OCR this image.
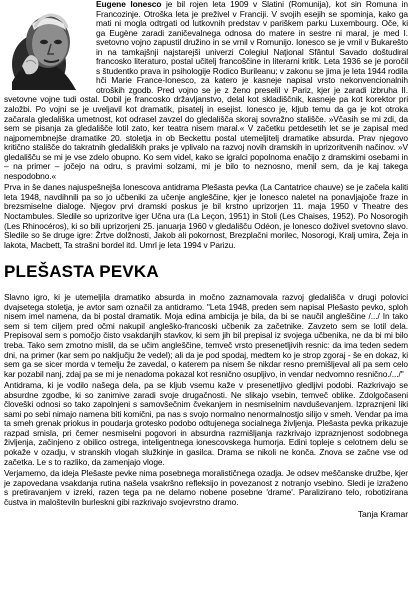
Eugene Ionesco je bil rojen leta 1909 v Slatini (Romunija), kot sin Romuna in Francozinje. Otroška leta je preživel v Franciji. V svojih esejih se spominja, kako ga mati ni mogla odtrgati od lutkovnih predstav v pariškem parku Luxembourg. Oče, ki ga Eugène zaradi zaničevalnega odnosa do matere in sestre ni maral, je med I. svetovno vojno zapustil družino in se vrnil v Romunijo. Ionesco se je vrnil v Bukarešto in na tamkajšnji najstarejši univerzi Colegiul Naţional Sfântul Savado doštudiral francosko literaturo, postal učitelj francoščine in literarni kritik. Leta 1936 se je poročil s študentko prava in psihologije Rodico Burileanu; v zakonu se jima je leta 1944 rodila hči Marie France-Ionesco, za katero je kasneje napisal vrsto nekonvencionalnih otroških zgodb. Pred vojno se je z ženo preselil v Pariz, kjer je zaradi izbruha II. svetovne vojne tudi ostal. Dobil je francosko državljanstvo, delal kot skladiščnik, kasneje pa kot korektor pri založbi. Po vojni se je uveljavil kot dramatik, pisatelj in esejist. Ionesco je, kljub temu da ga je kot otroka začarala gledališka umetnost, kot odrasel zavzel do gledališča skoraj sovražno stališče. »Včasih se mi zdi, da sem se pisanja za gledališče lotil zato, ker teatra nisem maral.« V začetku petdesetih let se je zapisal med najpomembnejše dramatike 20. stoletja in ob Beckettu postal utemeljitelj dramatike absurda. Prav njegovo kritično stališče do takratnih gledaliških praks je vplivalo na razvoj novih dramskih in uprizoritvenih načinov. »V gledališču se mi je vse zdelo obupno. Ko sem videl, kako se igralci popolnoma enačijo z dramskimi osebami in – na primer – jočejo na odru, s pravimi solzami, mi je bilo to neznosno, menil sem, da je kaj takega nespodobno.«

Prva in še danes najuspešnejša Ionescova antidrama Plešasta pevka (La Cantatrice chauve) se je začela kaliti leta 1948, navdihnili pa so jo učbeniki za učenje angleščine, kjer je Ionesco naletel na ponavljajoče fraze in brezsmiselne dialoge. Njegov prvi dramski poskus je bil krstno uprizorjen 11. maja 1950 v Theatre des Noctambules. Sledile so uprizoritve iger Učna ura (La Leçon, 1951) in Stoli (Les Chaises, 1952). Po Nosorogih (Les Rhinocéros), ki so bili uprizorjeni 25. januarja 1960 v gledališču Odéon, je Ionesco doživel svetovno slavo. Sledile so še druge igre: Žrtve dolžnosti, Jakob ali pokornost, Brezplačni morilec, Nosorogi, Kralj umira, Žeja in lakota, Macbett, Ta strašni bordel itd. Umrl je leta 1994 v Parizu.

PLEŠASTA PEVKA

Slavno igro, ki je utemeljila dramatiko absurda in močno zaznamovala razvoj gledališča v drugi polovici dvajsetega stoletja, je avtor sam označil za antidramo. "Leta 1948, preden sem napisal Plešasto pevko, sploh nisem imel namena, da bi postal dramatik. Moja edina ambicija je bila, da bi se naučil angleščine /.../ In tako sem si tem ciljem pred očmi nakupil angleško-francoski učbenik za začetnike. Zavzeto sem se lotil dela. Prepisoval sem s pomočjo čisto vsakdanjih stavkov, ki sem jih bil prepisal iz svojega učbenika, ne da bi mi bilo treba. Tako sem zmotno mislil, da se učim angleščine, temveč vrsto presenetljivih resnic: da ima teden sedem dni, na primer (kar sem po naključju že vedel); ali da je pod spodaj, medtem ko je strop zgoraj - še en dokaz, ki sem ga se sicer morda v temelju že zavedal, o katerem pa nisem še nikdar resno premišljeval ali pa sem celo kar pozabil nanj, zdaj pa se mi je nenadoma pokazal kot resnično osupljivo, in vendar nedvomno resnično./.../"

Antidrama, ki je vodilo našega dela, pa se kljub vsemu kaže v presenetljivo gledljivi podobi. Razkrivajo se absurdne zgodbe, ki so zanimive zaradi svoje drugačnosti. Ne slikajo vsebin, temveč oblike. Zdolgočaseni človeški odnosi so tako zapolnjeni s samovšečnim čvekanjem in nesmiselnim navduševanjem. Izpraznjeni liki sami po sebi nimajo namena biti komični, pa nas s svojo normalno nenormalnostjo silijo v smeh. Vendar pa ima ta smeh grenak priokus in poudarja grotesko podobo odtujenega socialnega življenja. Plešasta pevka prikazuje razpad smisla, pri čemer nesmiselni pogovori in absurdna razmišljanja razkrivajo izpraznjenost sodobnega življenja, začinjeno z obilico ostrega, inteligentnega ionescovskega humorja. Edini topleje s celotnem delu se pokaže v ozadju, v stranskih vlogah služkinje in gasilca. Drama se nikoli ne konča. Znova se začne vse od začetka. Le s to razliko, da zamenjajo vloge.

Verjamemo, da ideja Plešaste pevke nima posebnega moralističnega ozadja. Je odsev meščanske družbe, kjer je zapovedana vsakdanja rutina našela vsakršno refleksijo in povezanost z notranjo vsebino. Sledi je izraženo s pretiravanjem v izreki, razen tega pa ne delamo nobene posebne 'drame'. Paralizirano telo, robotizirana čustva in malošteviln burleskni gibi razkrivajo svojevrstno dramo.

Tanja Kramar
